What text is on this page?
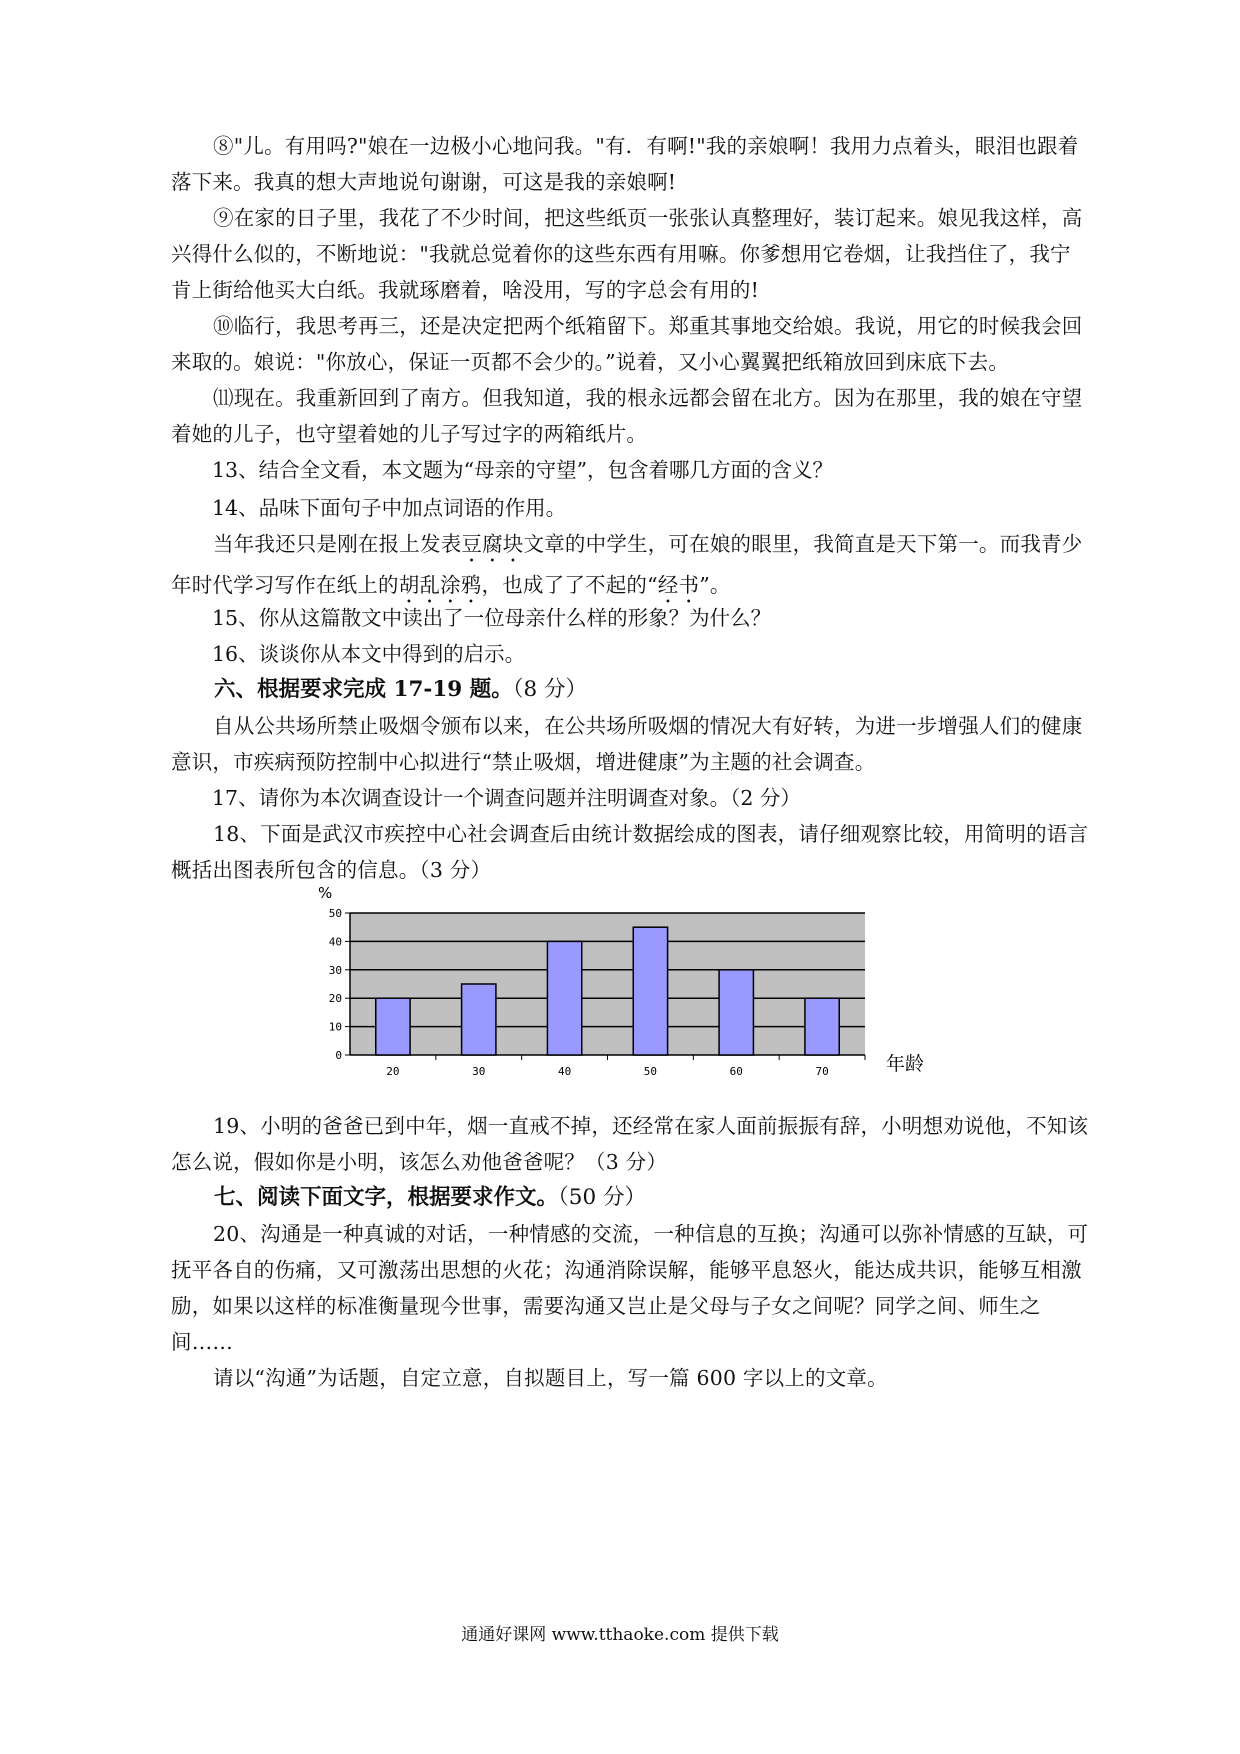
⑧"儿。有用吗?"娘在一边极小心地问我。"有．有啊!"我的亲娘啊！我用力点着头，眼泪也跟着落下来。我真的想大声地说句谢谢，可这是我的亲娘啊!

⑨在家的日子里，我花了不少时间，把这些纸页一张张认真整理好，装订起来。娘见我这样，高兴得什么似的，不断地说："我就总觉着你的这些东西有用嘛。你爹想用它卷烟，让我挡住了，我宁肯上街给他买大白纸。我就琢磨着，啥没用，写的字总会有用的!

⑩临行，我思考再三，还是决定把两个纸箱留下。郑重其事地交给娘。我说，用它的时候我会回来取的。娘说："你放心，保证一页都不会少的。”说着，又小心翼翼把纸箱放回到床底下去。

⑾现在。我重新回到了南方。但我知道，我的根永远都会留在北方。因为在那里，我的娘在守望着她的儿子，也守望着她的儿子写过字的两箱纸片。

13、结合全文看，本文题为“母亲的守望”，包含着哪几方面的含义？

14、品味下面句子中加点词语的作用。

当年我还只是刚在报上发表豆腐块文章的中学生，可在娘的眼里，我简直是天下第一。而我青少年时代学习写作在纸上的胡乱涂鸦，也成了了不起的“经书”。

15、你从这篇散文中读出了一位母亲什么样的形象？为什么？

16、谈谈你从本文中得到的启示。

六、根据要求完成 17-19 题。（8 分）

自从公共场所禁止吸烟令颁布以来，在公共场所吸烟的情况大有好转，为进一步增强人们的健康意识，市疾病预防控制中心拟进行“禁止吸烟，增进健康”为主题的社会调查。

17、请你为本次调查设计一个调查问题并注明调查对象。（2 分）

18、下面是武汉市疾控中心社会调查后由统计数据绘成的图表，请仔细观察比较，用简明的语言概括出图表所包含的信息。（3 分）

%
0
10
20
30
40
50
20	30	40	50	60	70	年龄

19、小明的爸爸已到中年，烟一直戒不掉，还经常在家人面前振振有辞，小明想劝说他，不知该怎么说，假如你是小明，该怎么劝他爸爸呢？（3 分）

七、阅读下面文字，根据要求作文。（50 分）

20、沟通是一种真诚的对话，一种情感的交流，一种信息的互换；沟通可以弥补情感的互缺，可抚平各自的伤痛，又可激荡出思想的火花；沟通消除误解，能够平息怒火，能达成共识，能够互相激励，如果以这样的标准衡量现今世事，需要沟通又岂止是父母与子女之间呢？同学之间、师生之间……

请以“沟通”为话题，自定立意，自拟题目上，写一篇 600 字以上的文章。

通通好课网 www.tthaoke.com 提供下载
